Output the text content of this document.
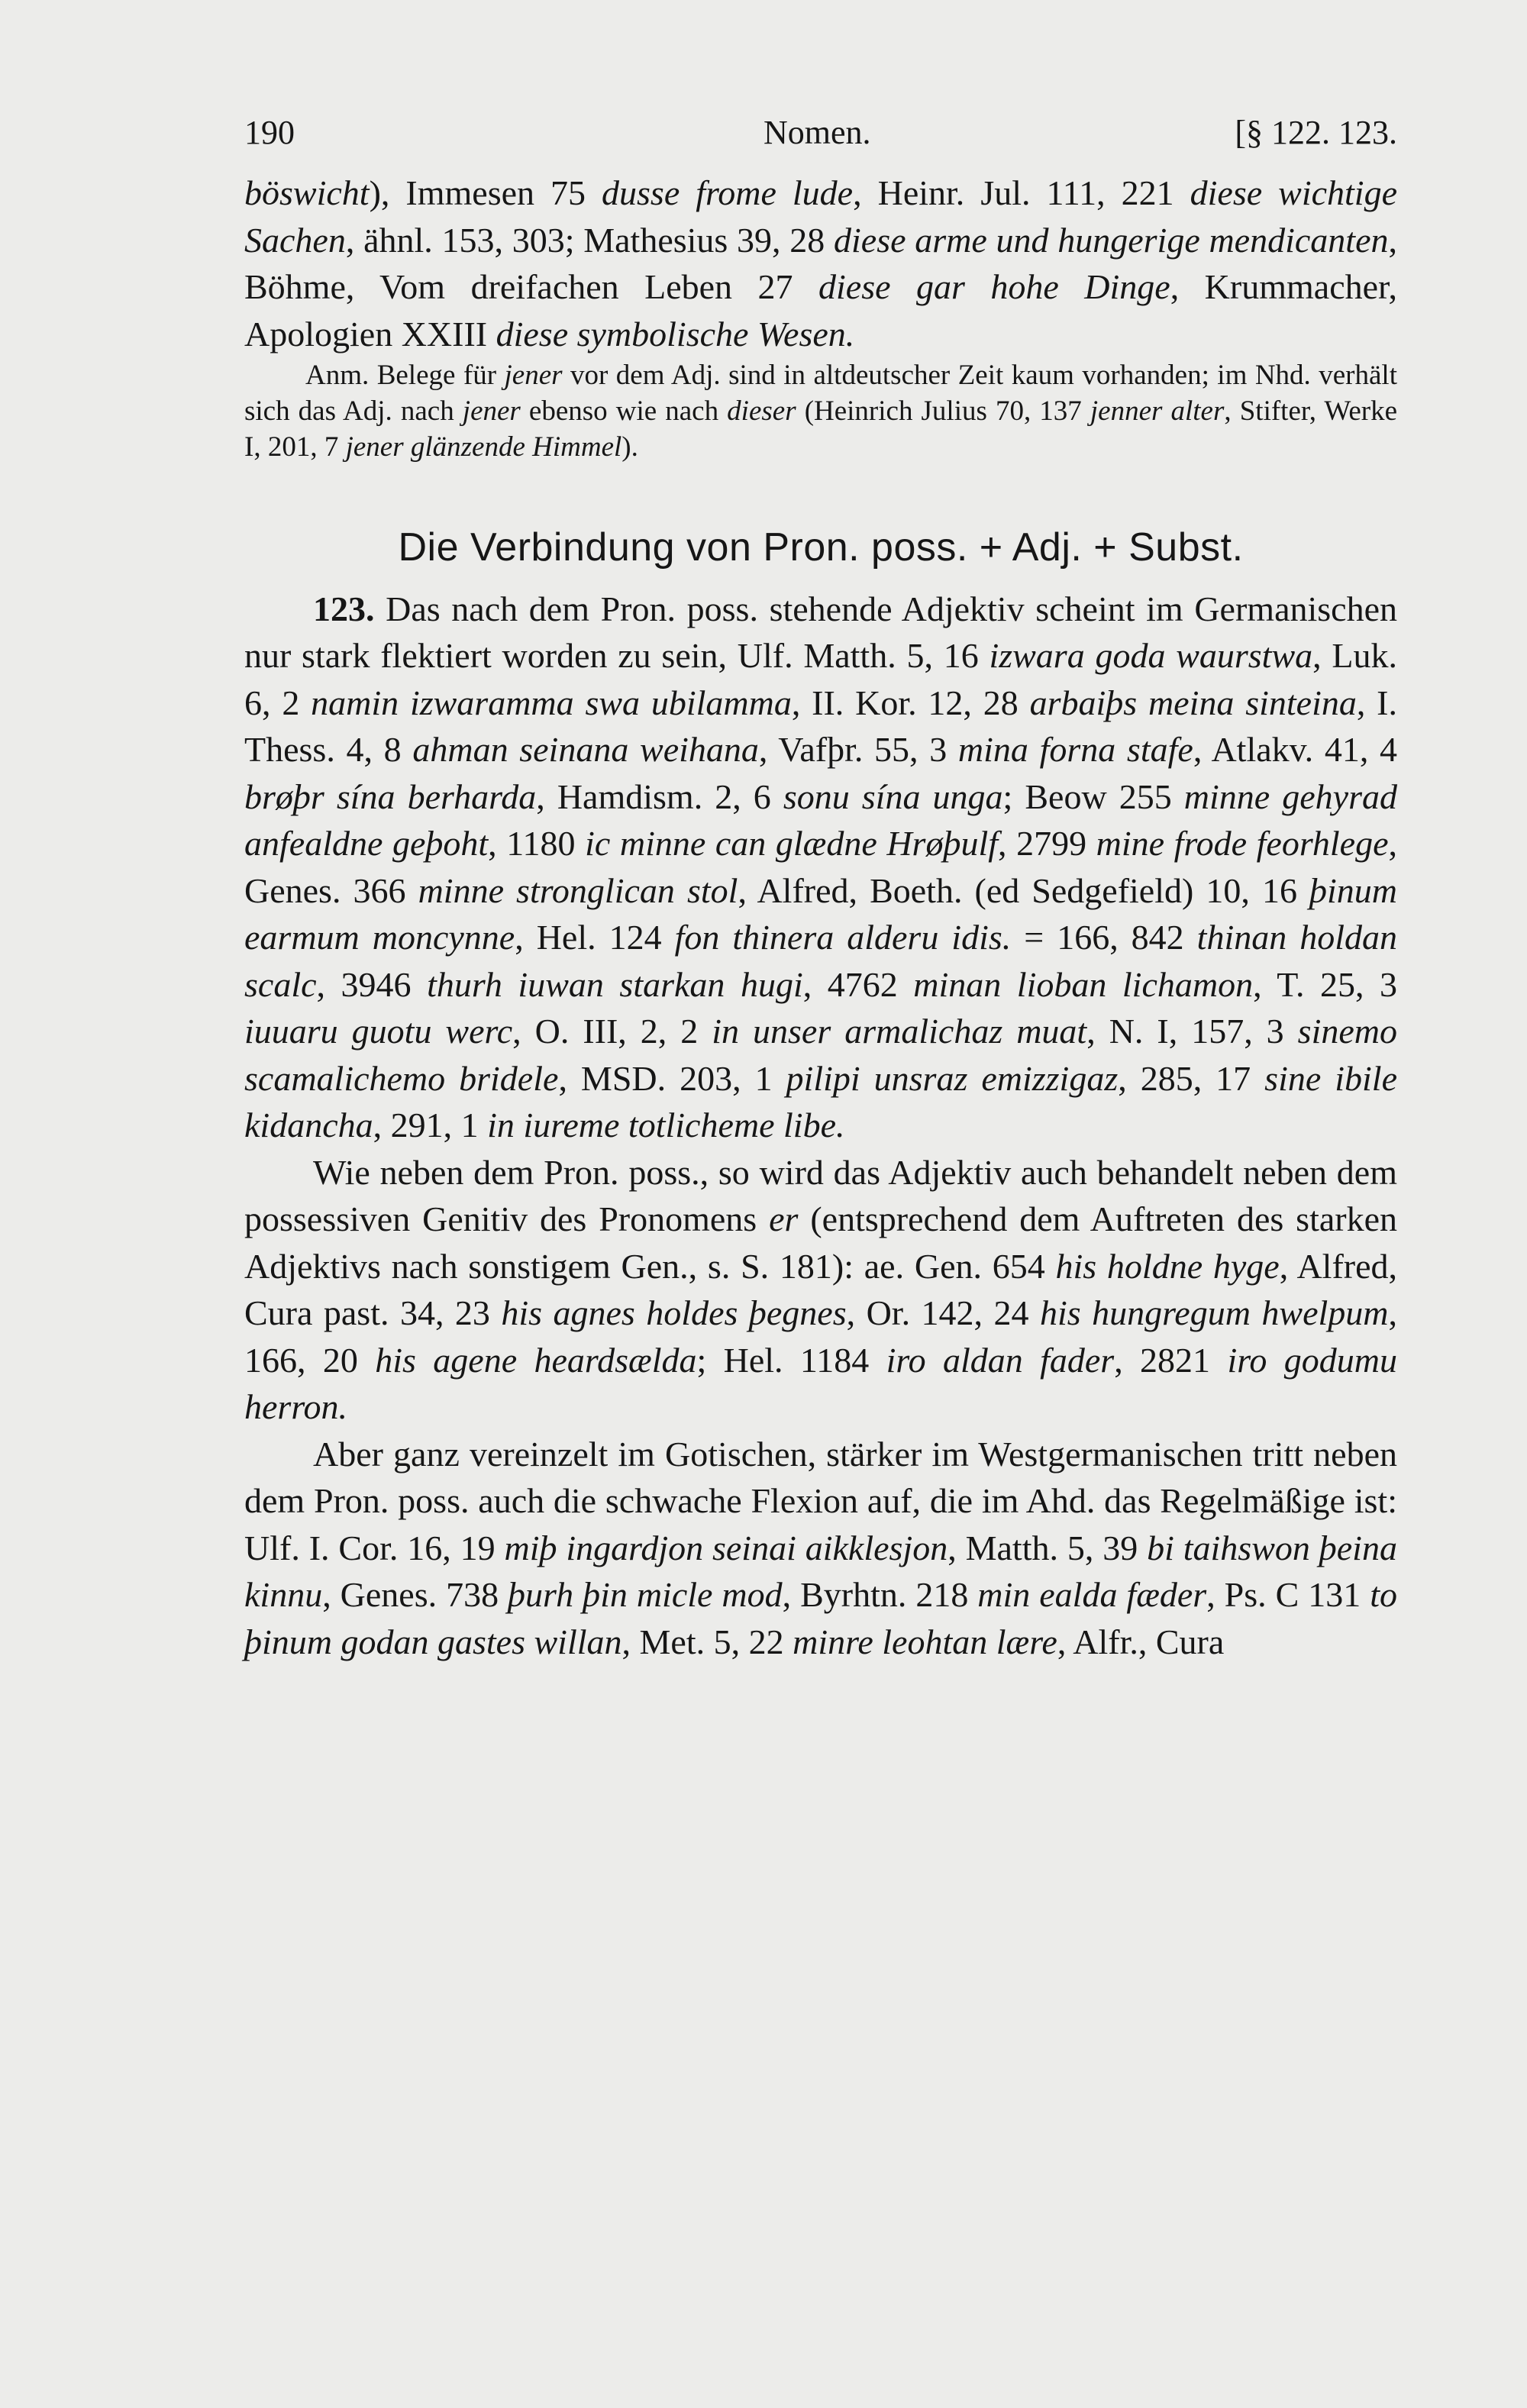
190	Nomen.	[§ 122. 123.

böswicht), Immesen 75 dusse frome lude, Heinr. Jul. 111, 221 diese wichtige Sachen, ähnl. 153, 303; Mathesius 39, 28 diese arme und hungerige mendicanten, Böhme, Vom dreifachen Leben 27 diese gar hohe Dinge, Krummacher, Apologien XXIII diese symbolische Wesen.

Anm. Belege für jener vor dem Adj. sind in altdeutscher Zeit kaum vorhanden; im Nhd. verhält sich das Adj. nach jener ebenso wie nach dieser (Heinrich Julius 70, 137 jenner alter, Stifter, Werke I, 201, 7 jener glänzende Himmel).

Die Verbindung von Pron. poss. + Adj. + Subst.

123. Das nach dem Pron. poss. stehende Adjektiv scheint im Germanischen nur stark flektiert worden zu sein, Ulf. Matth. 5, 16 izwara goda waurstwa, Luk. 6, 2 namin izwaramma swa ubilamma, II. Kor. 12, 28 arbaiþs meina sinteina, I. Thess. 4, 8 ahman seinana weihana, Vafþr. 55, 3 mina forna stafe, Atlakv. 41, 4 brøþr sína berharda, Hamdism. 2, 6 sonu sína unga; Beow 255 minne gehyrad anfealdne geþoht, 1180 ic minne can glædne Hrøþulf, 2799 mine frode feorhlege, Genes. 366 minne stronglican stol, Alfred, Boeth. (ed Sedgefield) 10, 16 þinum earmum moncynne, Hel. 124 fon thinera alderu idis. = 166, 842 thinan holdan scalc, 3946 thurh iuwan starkan hugi, 4762 minan lioban lichamon, T. 25, 3 iuuaru guotu werc, O. III, 2, 2 in unser armalichaz muat, N. I, 157, 3 sinemo scamalichemo bridele, MSD. 203, 1 pilipi unsraz emizzigaz, 285, 17 sine ibile kidancha, 291, 1 in iureme totlicheme libe.

Wie neben dem Pron. poss., so wird das Adjektiv auch behandelt neben dem possessiven Genitiv des Pronomens er (entsprechend dem Auftreten des starken Adjektivs nach sonstigem Gen., s. S. 181): ae. Gen. 654 his holdne hyge, Alfred, Cura past. 34, 23 his agnes holdes þegnes, Or. 142, 24 his hungregum hwelpum, 166, 20 his agene heardsælda; Hel. 1184 iro aldan fader, 2821 iro godumu herron.

Aber ganz vereinzelt im Gotischen, stärker im Westgermanischen tritt neben dem Pron. poss. auch die schwache Flexion auf, die im Ahd. das Regelmäßige ist: Ulf. I. Cor. 16, 19 miþ ingardjon seinai aikklesjon, Matth. 5, 39 bi taihswon þeina kinnu, Genes. 738 þurh þin micle mod, Byrhtn. 218 min ealda fæder, Ps. C 131 to þinum godan gastes willan, Met. 5, 22 minre leohtan lære, Alfr., Cura
